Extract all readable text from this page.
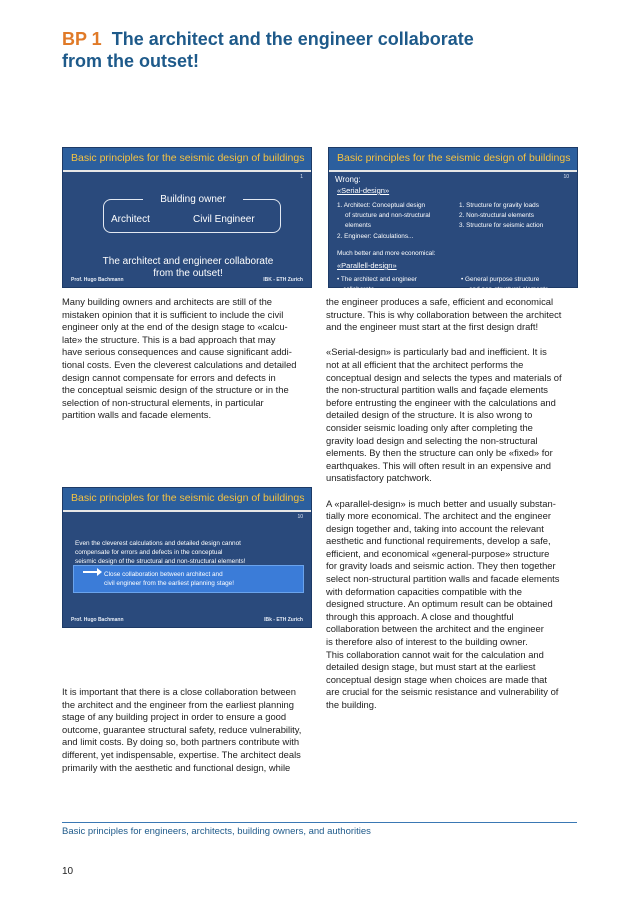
BP 1 The architect and the engineer collaborate
from the outset!
Basic principles for the seismic design of buildings
1
Building owner
Architect	Civil Engineer
The architect and engineer collaborate
from the outset!
Prof. Hugo Bachmann	IBK - ETH Zurich
Basic principles for the seismic design of buildings
10
Wrong:
«Serial-design»
1. Architect: Conceptual design
of structure and non-structural
elements
2. Engineer: Calculations...
1. Structure for gravity loads
2. Non-structural elements
3. Structure for seismic action
Much better and more economical:
«Parallell-design»
• The architect and engineer
collaborate
• General purpose structure
and non-structural elements
Basic principles for the seismic design of buildings
10
Even the cleverest calculations and detailed design cannot
compensate for errors and defects in the conceptual
seismic design of the structural and non-structural elements!
Close collaboration between architect and
civil engineer from the earliest planning stage!
Prof. Hugo Bachmann	IBk - ETH Zurich
Many building owners and architects are still of the
mistaken opinion that it is sufficient to include the civil
engineer only at the end of the design stage to «calcu-
late» the structure. This is a bad approach that may
have serious consequences and cause significant addi-
tional costs. Even the cleverest calculations and detailed
design cannot compensate for errors and defects in
the conceptual seismic design of the structure or in the
selection of non-structural elements, in particular
partition walls and facade elements.
It is important that there is a close collaboration between
the architect and the engineer from the earliest planning
stage of any building project in order to ensure a good
outcome, guarantee structural safety, reduce vulnerability,
and limit costs. By doing so, both partners contribute with
different, yet indispensable, expertise. The architect deals
primarily with the aesthetic and functional design, while
the engineer produces a safe, efficient and economical
structure. This is why collaboration between the architect
and the engineer must start at the first design draft!
«Serial-design» is particularly bad and inefficient. It is
not at all efficient that the architect performs the
conceptual design and selects the types and materials of
the non-structural partition walls and façade elements
before entrusting the engineer with the calculations and
detailed design of the structure. It is also wrong to
consider seismic loading only after completing the
gravity load design and selecting the non-structural
elements. By then the structure can only be «fixed» for
earthquakes. This will often result in an expensive and
unsatisfactory patchwork.
A «parallel-design» is much better and usually substan-
tially more economical. The architect and the engineer
design together and, taking into account the relevant
aesthetic and functional requirements, develop a safe,
efficient, and economical «general-purpose» structure
for gravity loads and seismic action. They then together
select non-structural partition walls and facade elements
with deformation capacities compatible with the
designed structure. An optimum result can be obtained
through this approach. A close and thoughtful
collaboration between the architect and the engineer
is therefore also of interest to the building owner.
This collaboration cannot wait for the calculation and
detailed design stage, but must start at the earliest
conceptual design stage when choices are made that
are crucial for the seismic resistance and vulnerability of
the building.
Basic principles for engineers, architects, building owners, and authorities
10
